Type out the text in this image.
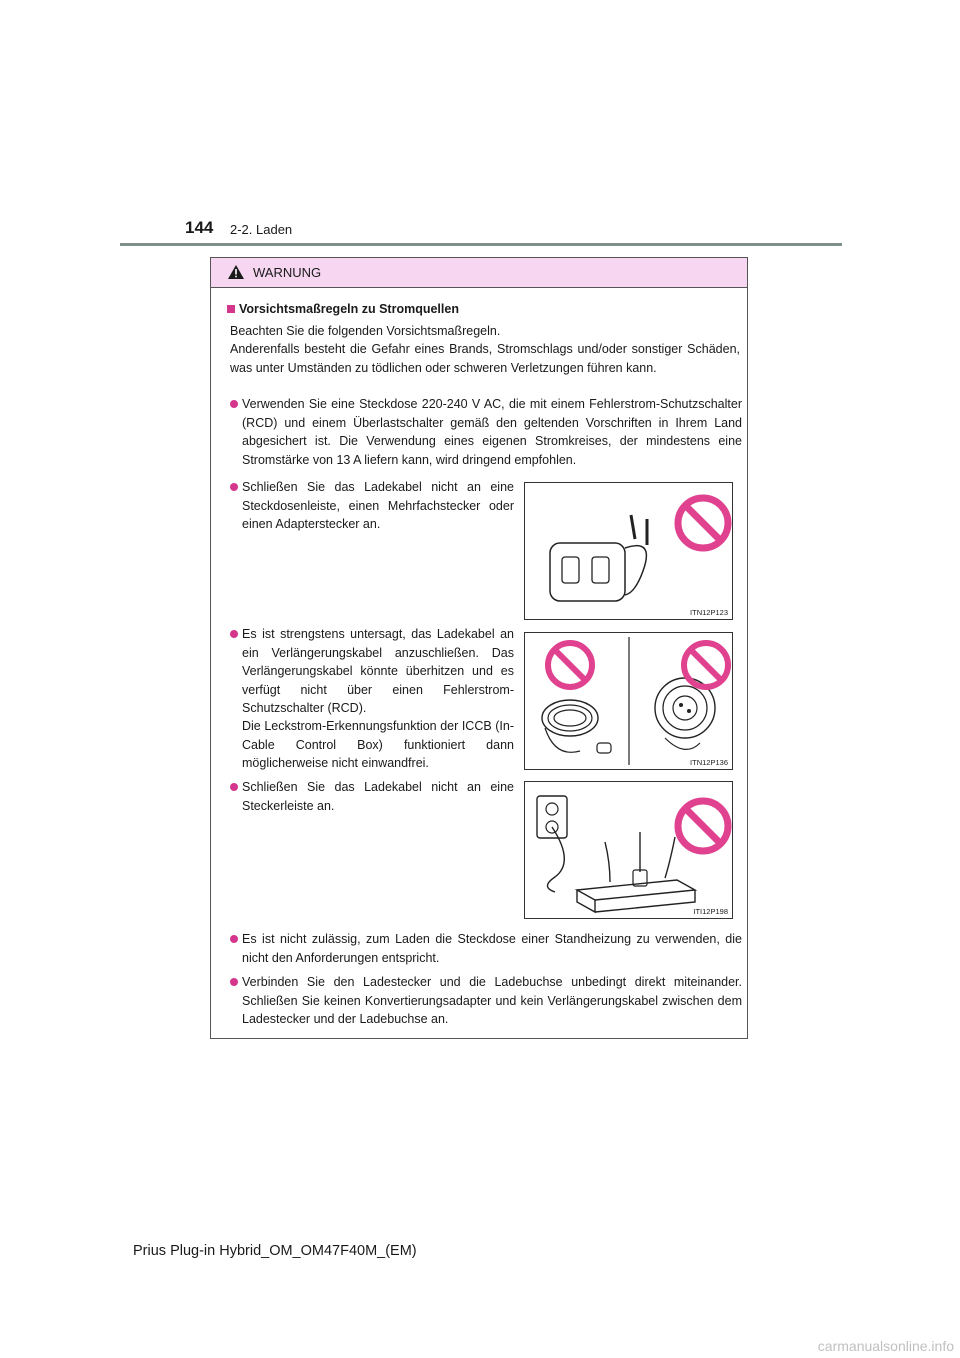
144 2-2. Laden
WARNUNG
Vorsichtsmaßregeln zu Stromquellen
Beachten Sie die folgenden Vorsichtsmaßregeln.
Anderenfalls besteht die Gefahr eines Brands, Stromschlags und/oder sonstiger Schäden, was unter Umständen zu tödlichen oder schweren Verletzungen führen kann.
Verwenden Sie eine Steckdose 220-240 V AC, die mit einem Fehlerstrom-Schutzschalter (RCD) und einem Überlastschalter gemäß den geltenden Vorschriften in Ihrem Land abgesichert ist. Die Verwendung eines eigenen Stromkreises, der mindestens eine Stromstärke von 13 A liefern kann, wird dringend empfohlen.
Schließen Sie das Ladekabel nicht an eine Steckdosenleiste, einen Mehrfachstecker oder einen Adapterstecker an.
Es ist strengstens untersagt, das Ladekabel an ein Verlängerungskabel anzuschließen. Das Verlängerungskabel könnte überhitzen und es verfügt nicht über einen Fehlerstrom-Schutzschalter (RCD).
Die Leckstrom-Erkennungsfunktion der ICCB (In-Cable Control Box) funktioniert dann möglicherweise nicht einwandfrei.
Schließen Sie das Ladekabel nicht an eine Steckerleiste an.
Es ist nicht zulässig, zum Laden die Steckdose einer Standheizung zu verwenden, die nicht den Anforderungen entspricht.
Verbinden Sie den Ladestecker und die Ladebuchse unbedingt direkt miteinander. Schließen Sie keinen Konvertierungsadapter und kein Verlängerungskabel zwischen dem Ladestecker und der Ladebuchse an.
ITN12P123
ITN12P136
ITI12P198
Prius Plug-in Hybrid_OM_OM47F40M_(EM)
carmanualsonline.info
